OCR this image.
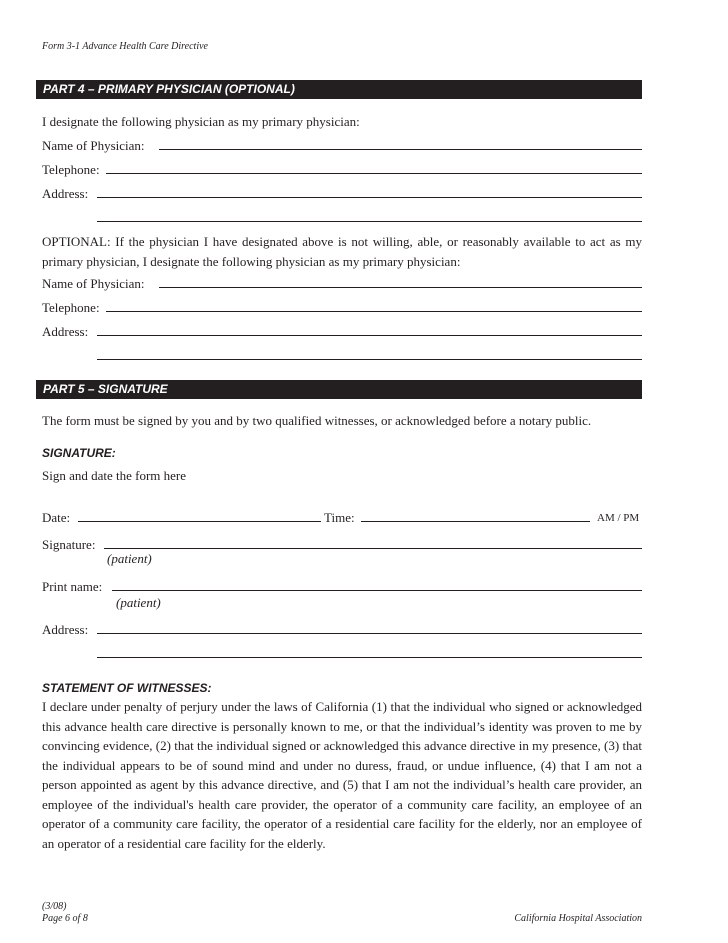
Form 3-1 Advance Health Care Directive
PART 4 – PRIMARY PHYSICIAN (OPTIONAL)
I designate the following physician as my primary physician:
Name of Physician:
Telephone:
Address:
OPTIONAL: If the physician I have designated above is not willing, able, or reasonably available to act as my primary physician, I designate the following physician as my primary physician:
Name of Physician:
Telephone:
Address:
PART 5 – SIGNATURE
The form must be signed by you and by two qualified witnesses, or acknowledged before a notary public.
SIGNATURE:
Sign and date the form here
Date:	Time:	AM / PM
Signature:
(patient)
Print name:
(patient)
Address:
STATEMENT OF WITNESSES:
I declare under penalty of perjury under the laws of California (1) that the individual who signed or acknowledged this advance health care directive is personally known to me, or that the individual’s identity was proven to me by convincing evidence, (2) that the individual signed or acknowledged this advance directive in my presence, (3) that the individual appears to be of sound mind and under no duress, fraud, or undue influence, (4) that I am not a person appointed as agent by this advance directive, and (5) that I am not the individual’s health care provider, an employee of the individual's health care provider, the operator of a community care facility, an employee of an operator of a community care facility, the operator of a residential care facility for the elderly, nor an employee of an operator of a residential care facility for the elderly.
(3/08)
Page 6 of 8	California Hospital Association
